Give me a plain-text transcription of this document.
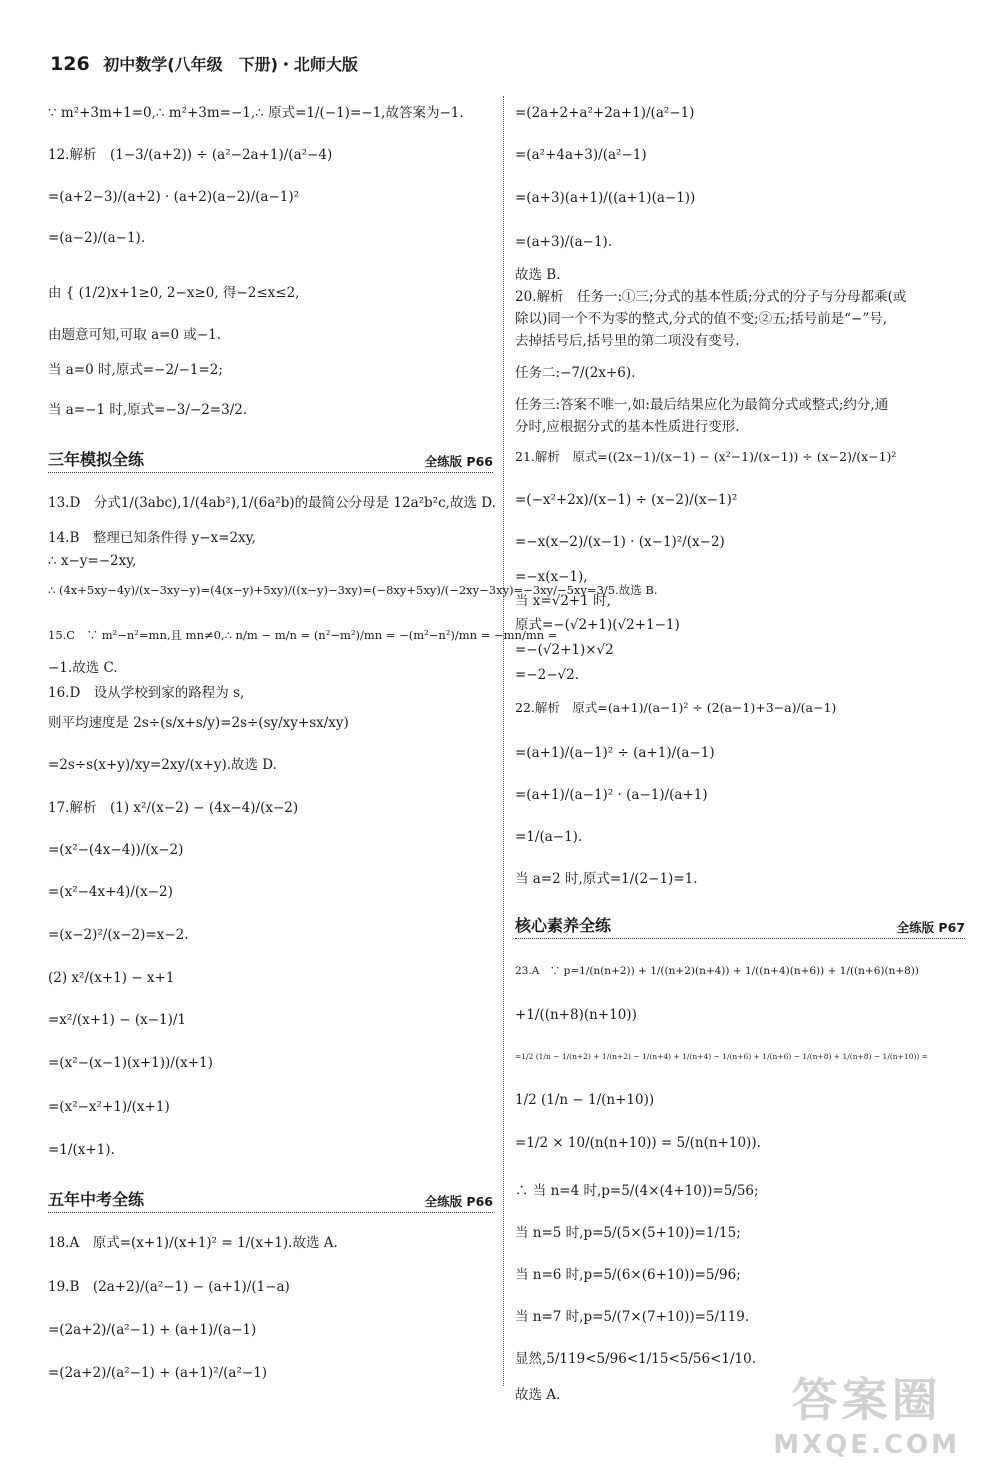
126 初中数学(八年级　下册)・北师大版
∵ m²+3m+1=0,∴ m²+3m=−1,∴ 原式=1/(−1)=−1,故答案为−1.
12.解析　(1−3/(a+2)) ÷ (a²−2a+1)/(a²−4)
=(a+2−3)/(a+2) · (a+2)(a−2)/(a−1)²
=(a−2)/(a−1).
由 { (1/2)x+1≥0, 2−x≥0, 得−2≤x≤2,
由题意可知,可取 a=0 或−1.
当 a=0 时,原式=−2/−1=2;
当 a=−1 时,原式=−3/−2=3/2.
三年模拟全练	全练版 P66
13.D　分式1/(3abc),1/(4ab²),1/(6a²b)的最简公分母是 12a²b²c,故选 D.
14.B　整理已知条件得 y−x=2xy,
∴ x−y=−2xy,
∴ (4x+5xy−4y)/(x−3xy−y)=(4(x−y)+5xy)/((x−y)−3xy)=(−8xy+5xy)/(−2xy−3xy)=−3xy/−5xy=3/5.故选 B.
15.C　∵ m²−n²=mn,且 mn≠0,∴ n/m − m/n = (n²−m²)/mn = −(m²−n²)/mn = −mn/mn =
−1.故选 C.
16.D　设从学校到家的路程为 s,
则平均速度是 2s÷(s/x+s/y)=2s÷(sy/xy+sx/xy)
=2s÷s(x+y)/xy=2xy/(x+y).故选 D.
17.解析　(1) x²/(x−2) − (4x−4)/(x−2)
=(x²−(4x−4))/(x−2)
=(x²−4x+4)/(x−2)
=(x−2)²/(x−2)=x−2.
(2) x²/(x+1) − x+1
=x²/(x+1) − (x−1)/1
=(x²−(x−1)(x+1))/(x+1)
=(x²−x²+1)/(x+1)
=1/(x+1).
五年中考全练	全练版 P66
18.A　原式=(x+1)/(x+1)² = 1/(x+1).故选 A.
19.B　(2a+2)/(a²−1) − (a+1)/(1−a)
=(2a+2)/(a²−1) + (a+1)/(a−1)
=(2a+2)/(a²−1) + (a+1)²/(a²−1)
=(2a+2+a²+2a+1)/(a²−1)
=(a²+4a+3)/(a²−1)
=(a+3)(a+1)/((a+1)(a−1))
=(a+3)/(a−1).
故选 B.
20.解析　任务一:①三;分式的基本性质;分式的分子与分母都乘(或
除以)同一个不为零的整式,分式的值不变;②五;括号前是“−”号,
去掉括号后,括号里的第二项没有变号.
任务二:−7/(2x+6).
任务三:答案不唯一,如:最后结果应化为最简分式或整式;约分,通
分时,应根据分式的基本性质进行变形.
21.解析　原式=((2x−1)/(x−1) − (x²−1)/(x−1)) ÷ (x−2)/(x−1)²
=(−x²+2x)/(x−1) ÷ (x−2)/(x−1)²
=−x(x−2)/(x−1) · (x−1)²/(x−2)
=−x(x−1),
当 x=√2+1 时,
原式=−(√2+1)(√2+1−1)
=−(√2+1)×√2
=−2−√2.
22.解析　原式=(a+1)/(a−1)² ÷ (2(a−1)+3−a)/(a−1)
=(a+1)/(a−1)² ÷ (a+1)/(a−1)
=(a+1)/(a−1)² · (a−1)/(a+1)
=1/(a−1).
当 a=2 时,原式=1/(2−1)=1.
核心素养全练	全练版 P67
23.A　∵ p=1/(n(n+2)) + 1/((n+2)(n+4)) + 1/((n+4)(n+6)) + 1/((n+6)(n+8))
+1/((n+8)(n+10))
=1/2 (1/n − 1/(n+2) + 1/(n+2) − 1/(n+4) + 1/(n+4) − 1/(n+6) + 1/(n+6) − 1/(n+8) + 1/(n+8) − 1/(n+10)) =
1/2 (1/n − 1/(n+10))
=1/2 × 10/(n(n+10)) = 5/(n(n+10)).
∴ 当 n=4 时,p=5/(4×(4+10))=5/56;
当 n=5 时,p=5/(5×(5+10))=1/15;
当 n=6 时,p=5/(6×(6+10))=5/96;
当 n=7 时,p=5/(7×(7+10))=5/119.
显然,5/119<5/96<1/15<5/56<1/10.
故选 A.	答案圈
MXQE.COM
